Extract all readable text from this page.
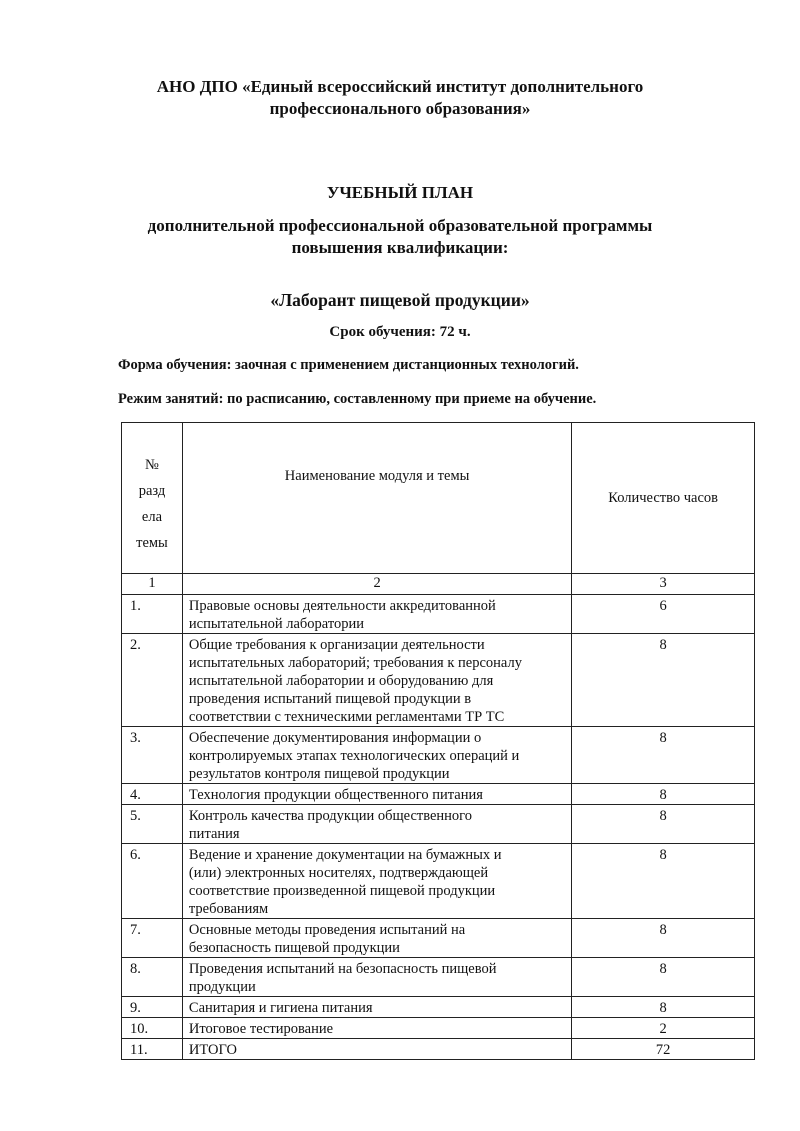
АНО ДПО «Единый всероссийский институт дополнительного
профессионального образования»
УЧЕБНЫЙ ПЛАН
дополнительной профессиональной образовательной программы
повышения квалификации:
«Лаборант пищевой продукции»
Срок обучения: 72 ч.
Форма обучения: заочная с применением дистанционных технологий.
Режим занятий: по расписанию, составленному при приеме на обучение.
№
разд
ела
темы	Наименование модуля и темы	Количество часов
1	2	3
1.	Правовые основы деятельности аккредитованной
испытательной лаборатории	6
2.	Общие требования к организации деятельности
испытательных лабораторий; требования к персоналу
испытательной лаборатории и оборудованию для
проведения испытаний пищевой продукции в
соответствии с техническими регламентами ТР ТС	8
3.	Обеспечение документирования информации о
контролируемых этапах технологических операций и
результатов контроля пищевой продукции	8
4.	Технология продукции общественного питания	8
5.	Контроль качества продукции общественного
питания	8
6.	Ведение и хранение документации на бумажных и
(или) электронных носителях, подтверждающей
соответствие произведенной пищевой продукции
требованиям	8
7.	Основные методы проведения испытаний на
безопасность пищевой продукции	8
8.	Проведения испытаний на безопасность пищевой
продукции	8
9.	Санитария и гигиена питания	8
10.	Итоговое тестирование	2
11.	ИТОГО	72
